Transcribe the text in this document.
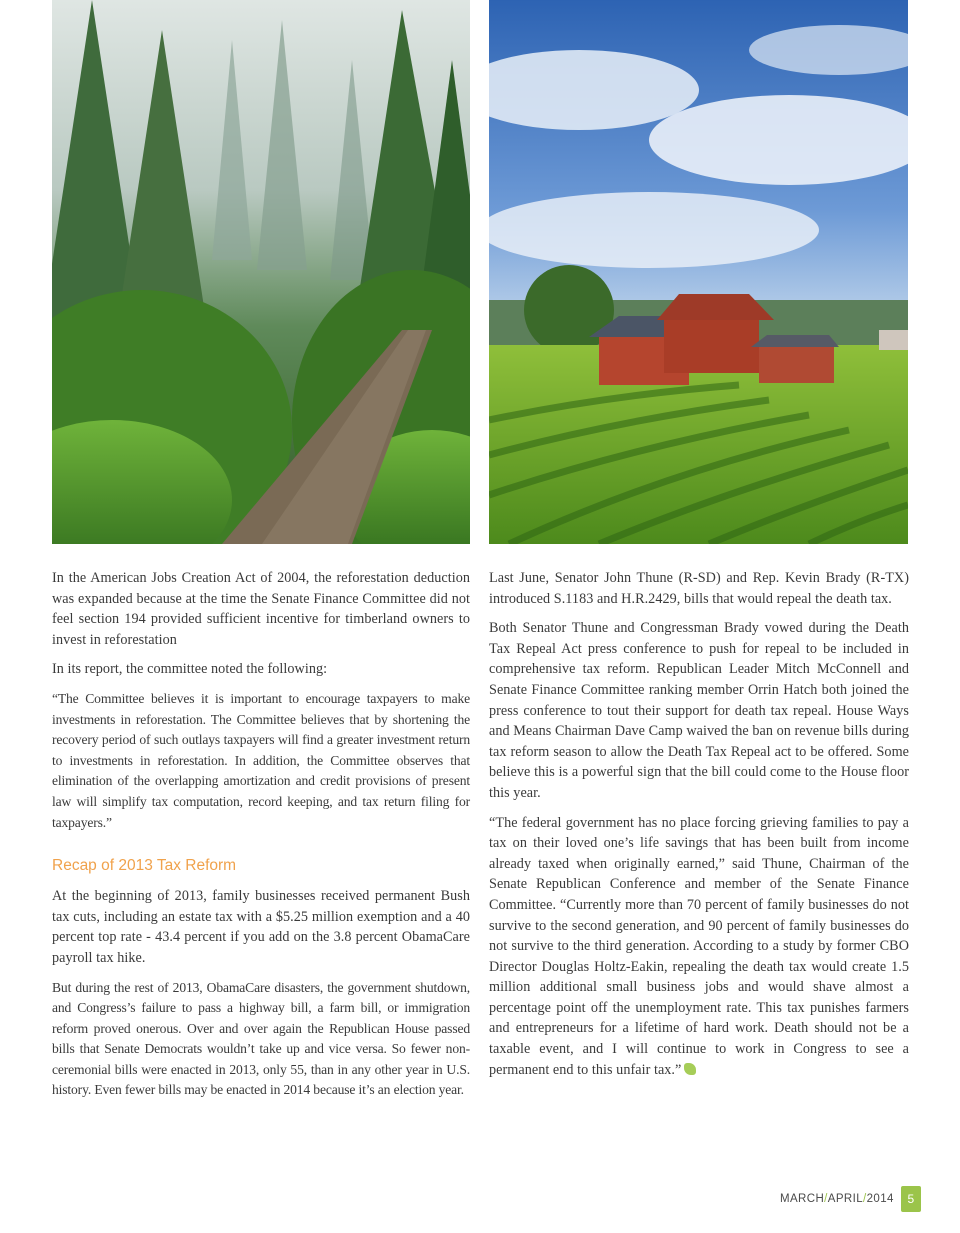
In the American Jobs Creation Act of 2004, the reforestation deduction was expanded because at the time the Senate Finance Committee did not feel section 194 provided sufficient incentive for timberland owners to invest in reforestation

In its report, the committee noted the following:

“The Committee believes it is important to encourage taxpayers to make investments in reforestation. The Committee believes that by shortening the recovery period of such outlays taxpayers will find a greater investment return to investments in reforestation. In addition, the Committee observes that elimination of the overlapping amortization and credit provisions of present law will simplify tax computation, record keeping, and tax return filing for taxpayers.”

Recap of 2013 Tax Reform

At the beginning of 2013, family businesses received permanent Bush tax cuts, including an estate tax with a $5.25 million exemption and a 40 percent top rate - 43.4 percent if you add on the 3.8 percent ObamaCare payroll tax hike.

But during the rest of 2013, ObamaCare disasters, the government shutdown, and Congress’s failure to pass a highway bill, a farm bill, or immigration reform proved onerous. Over and over again the Republican House passed bills that Senate Democrats wouldn’t take up and vice versa. So fewer non-ceremonial bills were enacted in 2013, only 55, than in any other year in U.S. history. Even fewer bills may be enacted in 2014 because it’s an election year.

Last June, Senator John Thune (R-SD) and Rep. Kevin Brady (R-TX) introduced S.1183 and H.R.2429, bills that would repeal the death tax.

Both Senator Thune and Congressman Brady vowed during the Death Tax Repeal Act press conference to push for repeal to be included in comprehensive tax reform. Republican Leader Mitch McConnell and Senate Finance Committee ranking member Orrin Hatch both joined the press conference to tout their support for death tax repeal. House Ways and Means Chairman Dave Camp waived the ban on revenue bills during tax reform season to allow the Death Tax Repeal act to be offered. Some believe this is a powerful sign that the bill could come to the House floor this year.

“The federal government has no place forcing grieving families to pay a tax on their loved one’s life savings that has been built from income already taxed when originally earned,” said Thune, Chairman of the Senate Republican Conference and member of the Senate Finance Committee. “Currently more than 70 percent of family businesses do not survive to the second generation, and 90 percent of family businesses do not survive to the third generation. According to a study by former CBO Director Douglas Holtz-Eakin, repealing the death tax would create 1.5 million additional small business jobs and would shave almost a percentage point off the unemployment rate. This tax punishes farmers and entrepreneurs for a lifetime of hard work. Death should not be a taxable event, and I will continue to work in Congress to see a permanent end to this unfair tax.”

MARCH/APRIL/2014	5
